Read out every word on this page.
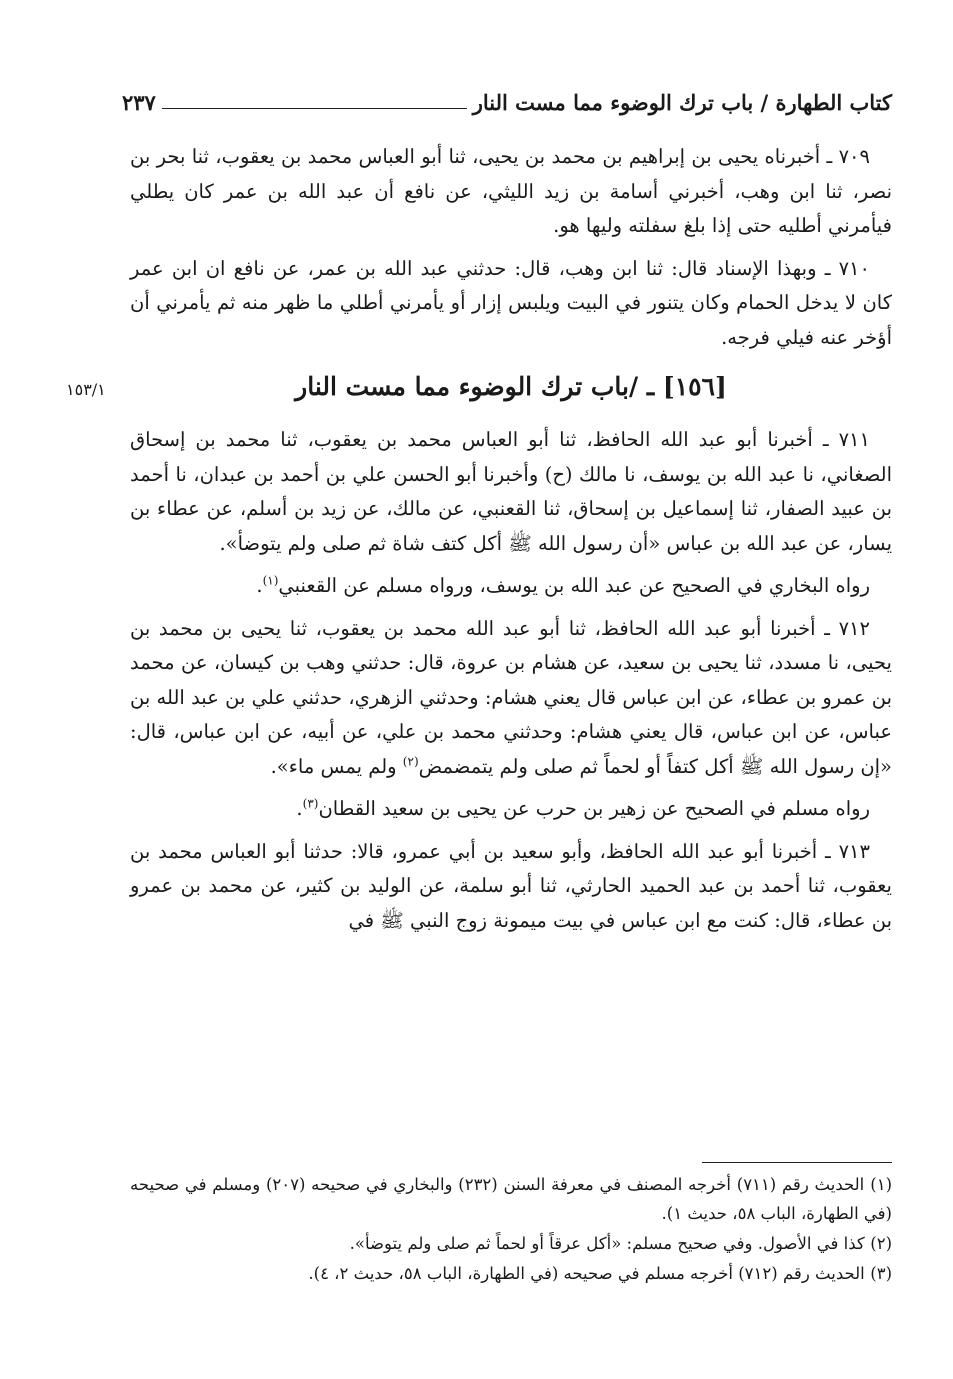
كتاب الطهارة / باب ترك الوضوء مما مست النار
٢٣٧

٧٠٩ ـ أخبرناه يحيى بن إبراهيم بن محمد بن يحيى، ثنا أبو العباس محمد بن يعقوب، ثنا بحر بن نصر، ثنا ابن وهب، أخبرني أسامة بن زيد الليثي، عن نافع أن عبد الله بن عمر كان يطلي فيأمرني أطليه حتى إذا بلغ سفلته وليها هو.

٧١٠ ـ وبهذا الإسناد قال: ثنا ابن وهب، قال: حدثني عبد الله بن عمر، عن نافع ان ابن عمر كان لا يدخل الحمام وكان يتنور في البيت ويلبس إزار أو يأمرني أطلي ما ظهر منه ثم يأمرني أن أؤخر عنه فيلي فرجه.

[١٥٦] ـ /باب ترك الوضوء مما مست النار
١٥٣/١

٧١١ ـ أخبرنا أبو عبد الله الحافظ، ثنا أبو العباس محمد بن يعقوب، ثنا محمد بن إسحاق الصغاني، نا عبد الله بن يوسف، نا مالك (ح) وأخبرنا أبو الحسن علي بن أحمد بن عبدان، نا أحمد بن عبيد الصفار، ثنا إسماعيل بن إسحاق، ثنا القعنبي، عن مالك، عن زيد بن أسلم، عن عطاء بن يسار، عن عبد الله بن عباس «أن رسول الله ﷺ أكل كتف شاة ثم صلى ولم يتوضأ».

رواه البخاري في الصحيح عن عبد الله بن يوسف، ورواه مسلم عن القعنبي$^{(١)}$.

٧١٢ ـ أخبرنا أبو عبد الله الحافظ، ثنا أبو عبد الله محمد بن يعقوب، ثنا يحيى بن محمد بن يحيى، نا مسدد، ثنا يحيى بن سعيد، عن هشام بن عروة، قال: حدثني وهب بن كيسان، عن محمد بن عمرو بن عطاء، عن ابن عباس قال يعني هشام: وحدثني الزهري، حدثني علي بن عبد الله بن عباس، عن ابن عباس، قال يعني هشام: وحدثني محمد بن علي، عن أبيه، عن ابن عباس، قال: «إن رسول الله ﷺ أكل كتفاً أو لحماً ثم صلى ولم يتمضمض$^{(٢)}$ ولم يمس ماء».

رواه مسلم في الصحيح عن زهير بن حرب عن يحيى بن سعيد القطان$^{(٣)}$.

٧١٣ ـ أخبرنا أبو عبد الله الحافظ، وأبو سعيد بن أبي عمرو، قالا: حدثنا أبو العباس محمد بن يعقوب، ثنا أحمد بن عبد الحميد الحارثي، ثنا أبو سلمة، عن الوليد بن كثير، عن محمد بن عمرو بن عطاء، قال: كنت مع ابن عباس في بيت ميمونة زوج النبي ﷺ في

(١) الحديث رقم (٧١١) أخرجه المصنف في معرفة السنن (٢٣٢) والبخاري في صحيحه (٢٠٧) ومسلم في صحيحه (في الطهارة، الباب ٥٨، حديث ١).

(٢) كذا في الأصول. وفي صحيح مسلم: «أكل عرقاً أو لحماً ثم صلى ولم يتوضأ».

(٣) الحديث رقم (٧١٢) أخرجه مسلم في صحيحه (في الطهارة، الباب ٥٨، حديث ٢، ٤).
